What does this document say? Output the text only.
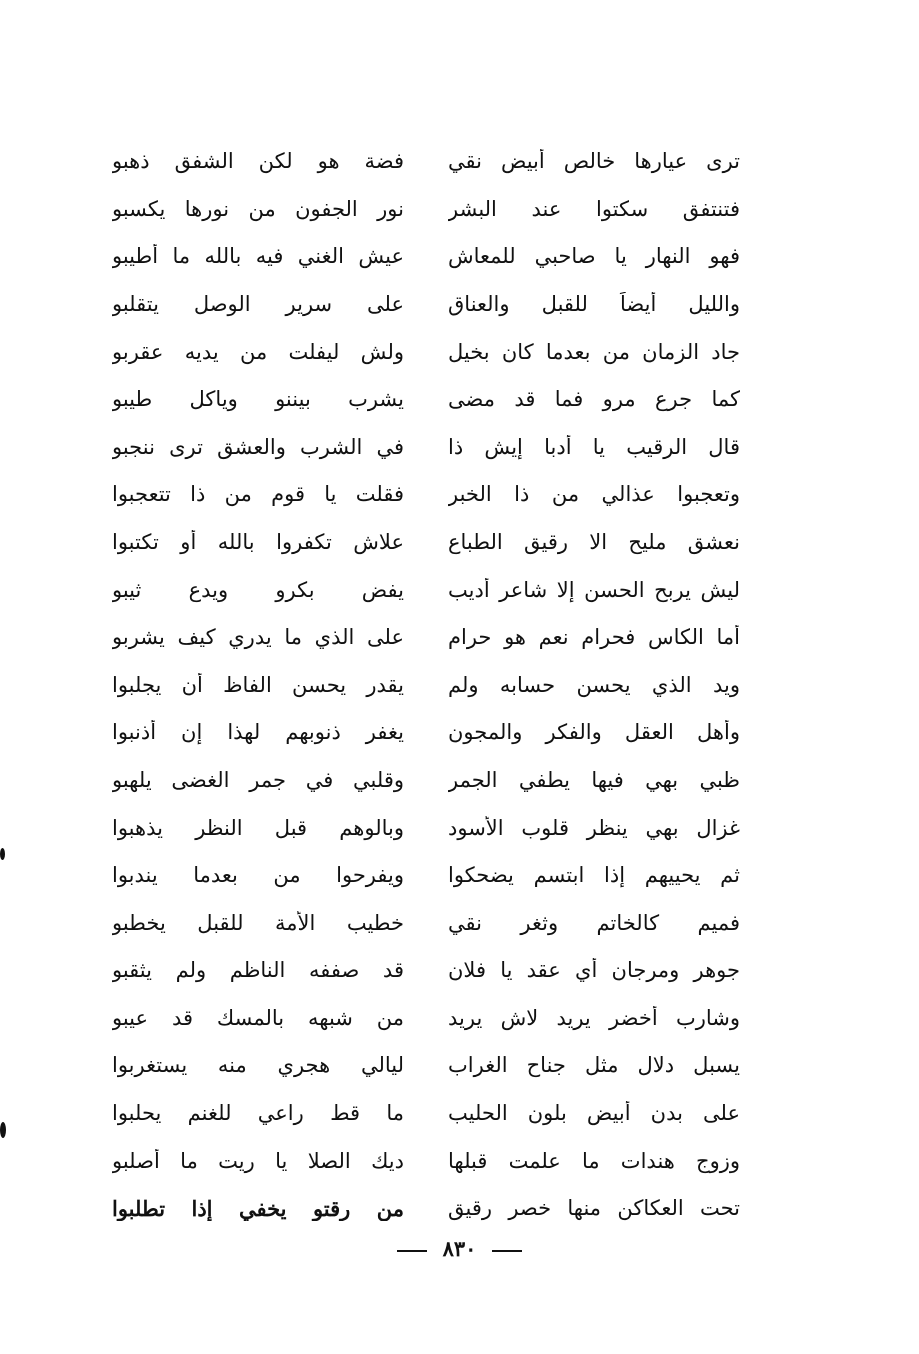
ترى عيارها خالص أبيض نقي
فضة هو لكن الشفق ذهبو
فتنتفق سكتوا عند البشر
نور الجفون من نورها يكسبو
فهو النهار يا صاحبي للمعاش
عيش الغني فيه بالله ما أطيبو
والليل أيضاً للقبل والعناق
على سرير الوصل يتقلبو
جاد الزمان من بعدما كان بخيل
ولش ليفلت من يديه عقربو
كما جرع مرو فما قد مضى
يشرب بيننو وياكل طيبو
قال الرقيب يا أدبا إيش ذا
في الشرب والعشق ترى ننجبو
وتعجبوا عذالي من ذا الخبر
فقلت يا قوم من ذا تتعجبوا
نعشق مليح الا رقيق الطباع
علاش تكفروا بالله أو تكتبوا
ليش يربح الحسن إلا شاعر أديب
يفض بكرو ويدع ثيبو
أما الكاس فحرام نعم هو حرام
على الذي ما يدري كيف يشربو
ويد الذي يحسن حسابه ولم
يقدر يحسن الفاظ أن يجلبوا
وأهل العقل والفكر والمجون
يغفر ذنوبهم لهذا إن أذنبوا
ظبي بهي فيها يطفي الجمر
وقلبي في جمر الغضى يلهبو
غزال بهي ينظر قلوب الأسود
وبالوهم قبل النظر يذهبوا
ثم يحييهم إذا ابتسم يضحكوا
ويفرحوا من بعدما يندبوا
فميم كالخاتم وثغر نقي
خطيب الأمة للقبل يخطبو
جوهر ومرجان أي عقد يا فلان
قد صففه الناظم ولم يثقبو
وشارب أخضر يريد لاش يريد
من شبهه بالمسك قد عيبو
يسبل دلال مثل جناح الغراب
ليالي هجري منه يستغربوا
على بدن أبيض بلون الحليب
ما قط راعي للغنم يحلبوا
وزوج هندات ما علمت قبلها
ديك الصلا يا ريت ما أصلبو
تحت العكاكن منها خصر رقيق
من رقتو يخفي إذا تطلبوا
٨٣٠
